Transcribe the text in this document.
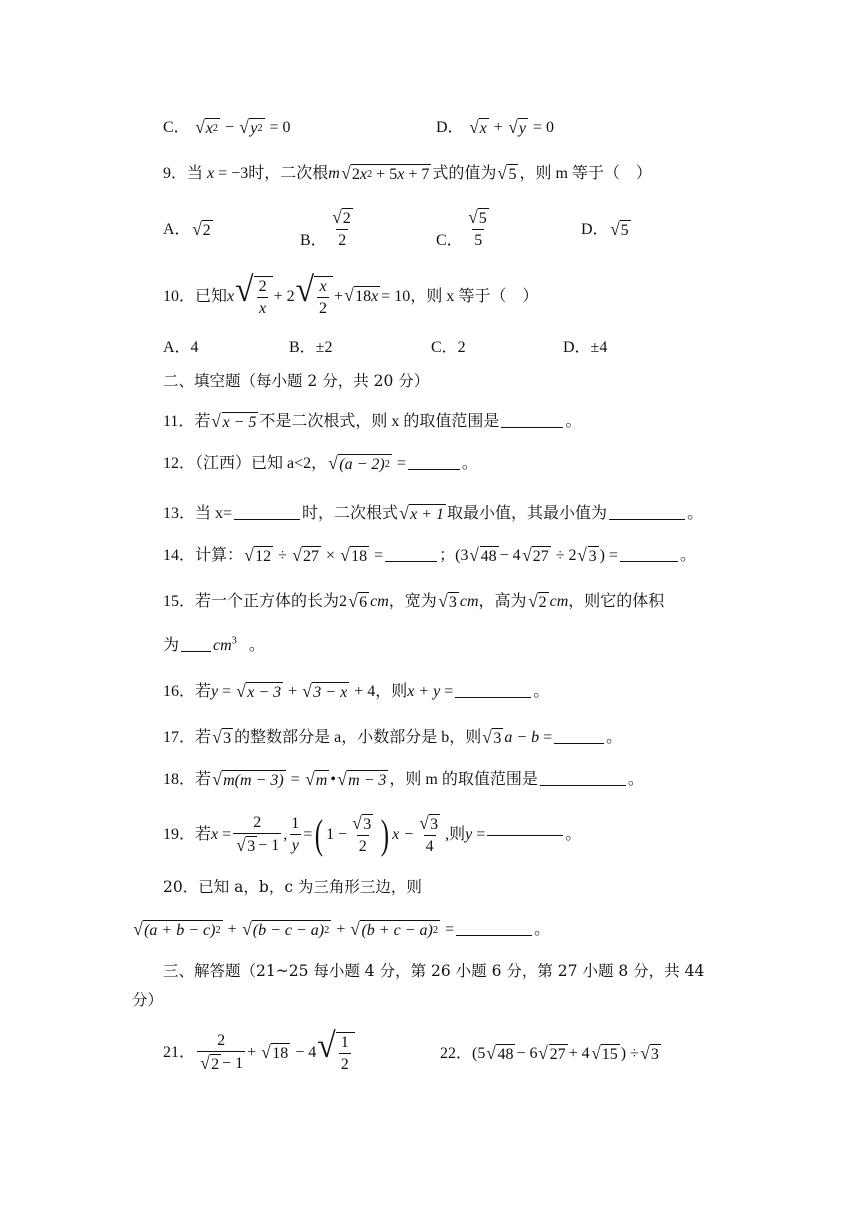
C． √ x 2 − √ y 2 = 0	D． √ x + √ y = 0
9．当 x = −3时，二次根m √ 2 x 2
+ 5 x
+ 7 式的值为 √ 5 ，则 m 等于（　）
A． √ 2
B． $\frac{√ 2}{2}$	C． $\frac{√ 5}{5}$	D． √ 5
10． 已知 x √ $\frac{2}{x} + 2$ √ $\frac{x}{2}$ + √ 18 x = 10 ，则 x 等于（　）
A．4	B．±2	C．2	D．±4
二、填空题（每小题 2 分，共 20 分）
11．若 √ x − 5 不是二次根式，则 x 的取值范围是	。
12．（江西）已知 a<2， √ (a − 2) 2 =	。
13．当 x=	时，二次根式 √ x + 1 取最小值，其最小值为	。
14．计算： √ 12 ÷ √ 27 × √ 18 =	；(3 √ 48 − 4 √ 27 ÷ 2 √ 3 ) =	。
15．若一个正方体的长为2 √ 6 cm，宽为 √ 3 cm，高为 √ 2 cm，则它的体积
为 $cm^3$ 。
16．若y = √ x − 3 + √ 3 − x + 4，则x + y =	。
17．若 √ 3 的整数部分是 a，小数部分是 b，则 √ 3 a − b =	。
18．若 √ m(m − 3) = √ m • √ m − 3 ，则 m 的取值范围是	。
19．若 x
= $\frac{2}{√ 3 - 1}$ , $\frac{1}{y}$ = ( $1 - \frac{√ 3}{2}$ ) $x - \frac{√ 3}{4}$ ,则 y
=	。
20．已知 a，b，c 为三角形三边，则
√ (a + b − c) 2 + √ (b − c − a) 2 + √ (b + c − a) 2 =	。
三、解答题（21~25 每小题 4 分，第 26 小题 6 分，第 27 小题 8 分，共 44
分）
21． $\frac{2}{√ 2 - 1}$ +
√ 18
− 4 √ $\frac{1}{2}$	22．(5 √ 48 − 6 √ 27 + 4 √ 15 ) ÷ √ 3
